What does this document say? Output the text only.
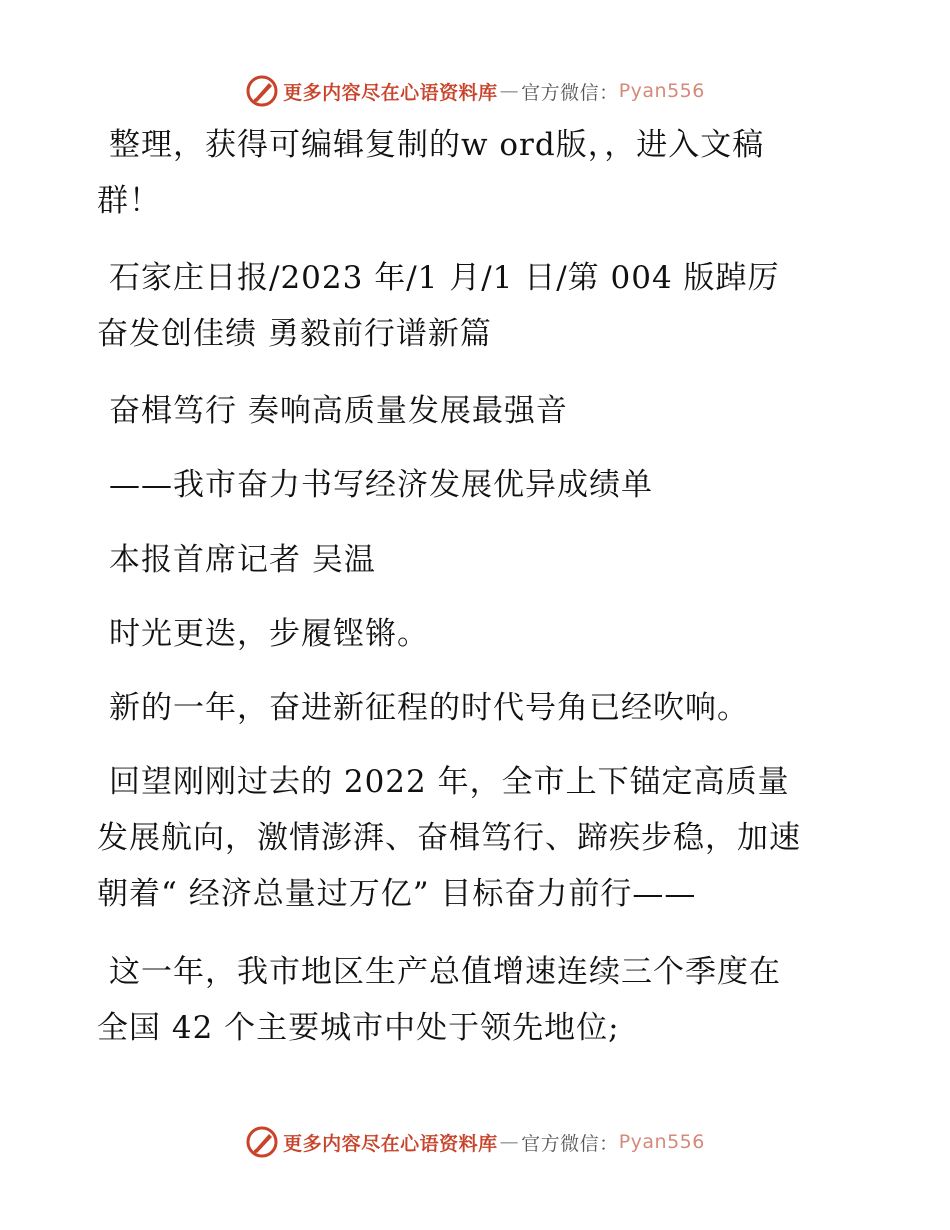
更多内容尽在心语资料库 — 官方微信： Pyan556

整理，获得可编辑复制的w ord版，，进入文稿
群！

石家庄日报/2023 年/1 月/1 日/第 004 版踔厉
奋发创佳绩 勇毅前行谱新篇

奋楫笃行 奏响高质量发展最强音

——我市奋力书写经济发展优异成绩单

本报首席记者 吴温

时光更迭，步履铿锵。

新的一年，奋进新征程的时代号角已经吹响。

回望刚刚过去的 2022 年，全市上下锚定高质量
发展航向，激情澎湃、奋楫笃行、蹄疾步稳，加速
朝着“ 经济总量过万亿” 目标奋力前行——

这一年，我市地区生产总值增速连续三个季度在
全国 42 个主要城市中处于领先地位;

更多内容尽在心语资料库 — 官方微信： Pyan556
